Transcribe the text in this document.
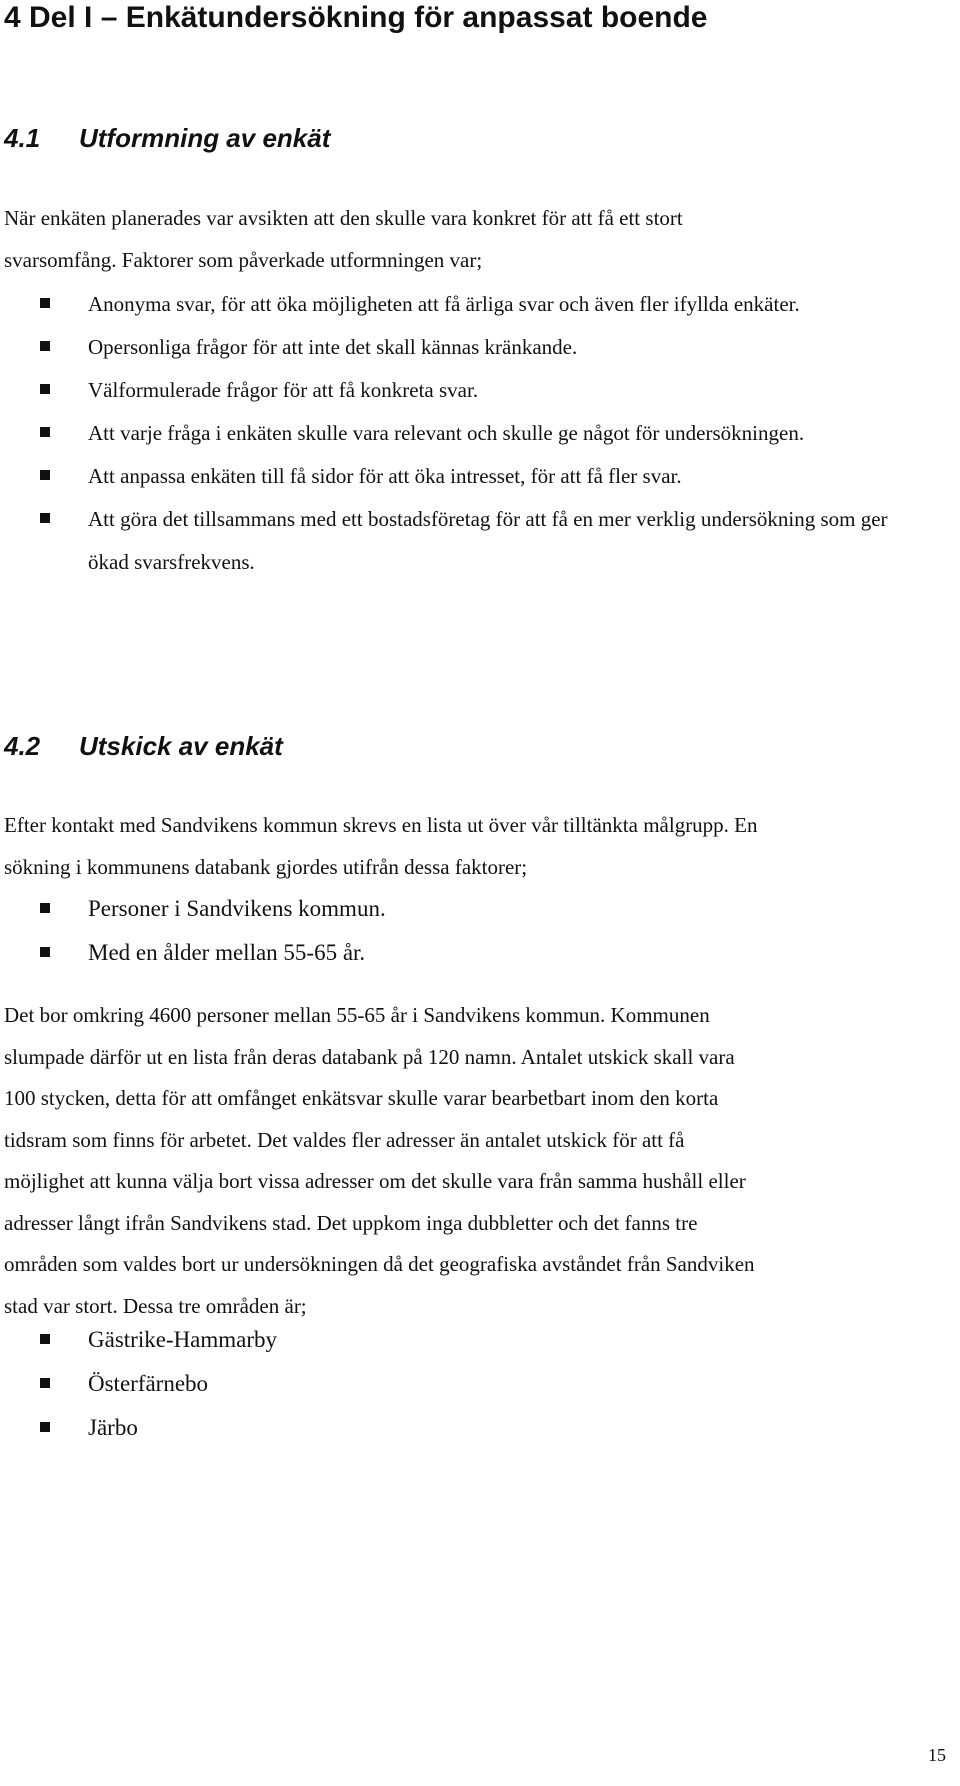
4 Del I – Enkätundersökning för anpassat boende
4.1 Utformning av enkät
När enkäten planerades var avsikten att den skulle vara konkret för att få ett stort
svarsomfång. Faktorer som påverkade utformningen var;
Anonyma svar, för att öka möjligheten att få ärliga svar och även fler ifyllda enkäter.
Opersonliga frågor för att inte det skall kännas kränkande.
Välformulerade frågor för att få konkreta svar.
Att varje fråga i enkäten skulle vara relevant och skulle ge något för undersökningen.
Att anpassa enkäten till få sidor för att öka intresset, för att få fler svar.
Att göra det tillsammans med ett bostadsföretag för att få en mer verklig undersökning som ger ökad svarsfrekvens.
4.2 Utskick av enkät
Efter kontakt med Sandvikens kommun skrevs en lista ut över vår tilltänkta målgrupp. En
sökning i kommunens databank gjordes utifrån dessa faktorer;
Personer i Sandvikens kommun.
Med en ålder mellan 55-65 år.
Det bor omkring 4600 personer mellan 55-65 år i Sandvikens kommun. Kommunen
slumpade därför ut en lista från deras databank på 120 namn. Antalet utskick skall vara
100 stycken, detta för att omfånget enkätsvar skulle varar bearbetbart inom den korta
tidsram som finns för arbetet. Det valdes fler adresser än antalet utskick för att få
möjlighet att kunna välja bort vissa adresser om det skulle vara från samma hushåll eller
adresser långt ifrån Sandvikens stad. Det uppkom inga dubbletter och det fanns tre
områden som valdes bort ur undersökningen då det geografiska avståndet från Sandviken
stad var stort. Dessa tre områden är;
Gästrike-Hammarby
Österfärnebo
Järbo
15
